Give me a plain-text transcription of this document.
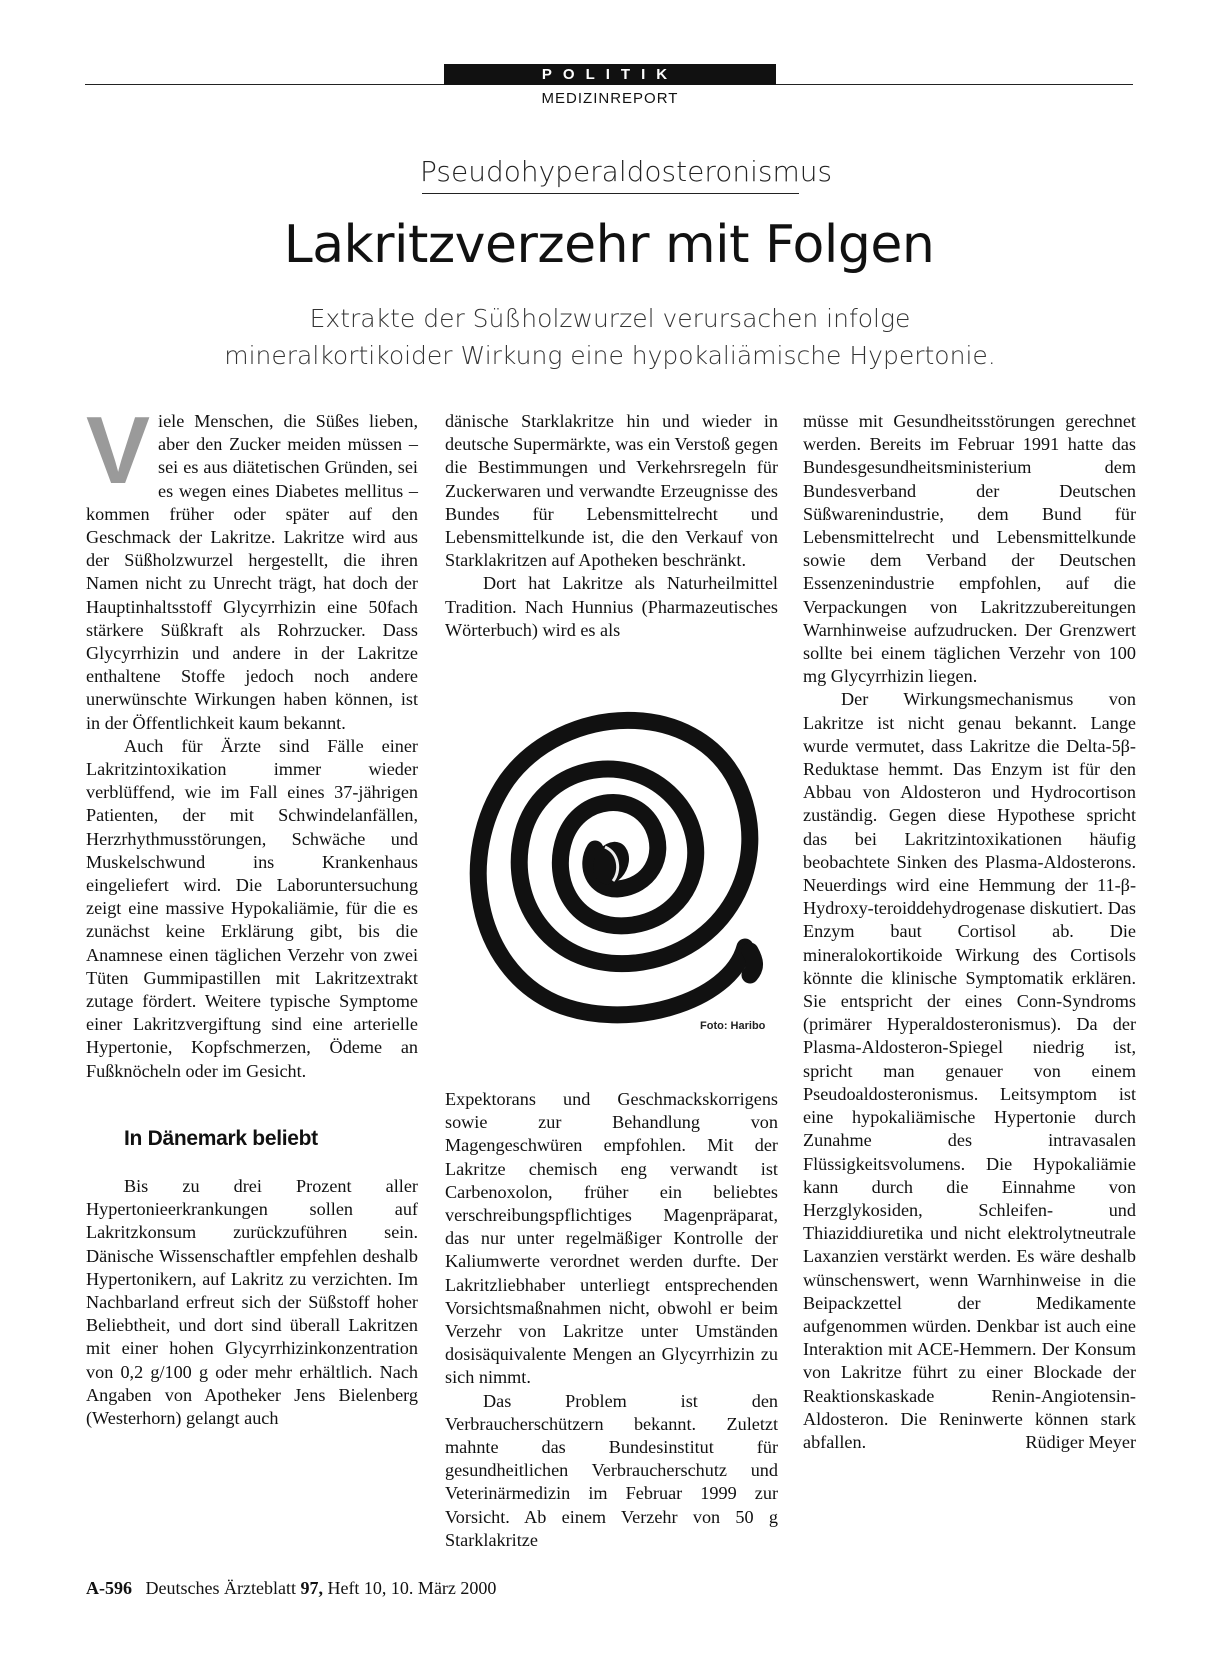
POLITIK
MEDIZINREPORT
Pseudohyperaldosteronismus
Lakritzverzehr mit Folgen
Extrakte der Süßholzwurzel verursachen infolge
mineralkortikoider Wirkung eine hypokaliämische Hypertonie.

Viele Menschen, die Süßes lieben, aber den Zucker meiden müssen – sei es aus diätetischen Gründen, sei es wegen eines Diabetes mellitus – kommen früher oder später auf den Geschmack der Lakritze. Lakritze wird aus der Süßholzwurzel hergestellt, die ihren Namen nicht zu Unrecht trägt, hat doch der Hauptinhaltsstoff Glycyrrhizin eine 50fach stärkere Süßkraft als Rohrzucker. Dass Glycyrrhizin und andere in der Lakritze enthaltene Stoffe jedoch noch andere unerwünschte Wirkungen haben können, ist in der Öffentlichkeit kaum bekannt.

Auch für Ärzte sind Fälle einer Lakritzintoxikation immer wieder verblüffend, wie im Fall eines 37-jährigen Patienten, der mit Schwindelanfällen, Herzrhythmusstörungen, Schwäche und Muskelschwund ins Krankenhaus eingeliefert wird. Die Laboruntersuchung zeigt eine massive Hypokaliämie, für die es zunächst keine Erklärung gibt, bis die Anamnese einen täglichen Verzehr von zwei Tüten Gummipastillen mit Lakritzextrakt zutage fördert. Weitere typische Symptome einer Lakritzvergiftung sind eine arterielle Hypertonie, Kopfschmerzen, Ödeme an Fußknöcheln oder im Gesicht.

In Dänemark beliebt

Bis zu drei Prozent aller Hypertonieerkrankungen sollen auf Lakritzkonsum zurückzuführen sein. Dänische Wissenschaftler empfehlen deshalb Hypertonikern, auf Lakritz zu verzichten. Im Nachbarland erfreut sich der Süßstoff hoher Beliebtheit, und dort sind überall Lakritzen mit einer hohen Glycyrrhizinkonzentration von 0,2 g/100 g oder mehr erhältlich. Nach Angaben von Apotheker Jens Bielenberg (Westerhorn) gelangt auch

dänische Starklakritze hin und wieder in deutsche Supermärkte, was ein Verstoß gegen die Bestimmungen und Verkehrsregeln für Zuckerwaren und verwandte Erzeugnisse des Bundes für Lebensmittelrecht und Lebensmittelkunde ist, die den Verkauf von Starklakritzen auf Apotheken beschränkt.

Dort hat Lakritze als Naturheilmittel Tradition. Nach Hunnius (Pharmazeutisches Wörterbuch) wird es als

Foto: Haribo

Expektorans und Geschmackskorrigens sowie zur Behandlung von Magengeschwüren empfohlen. Mit der Lakritze chemisch eng verwandt ist Carbenoxolon, früher ein beliebtes verschreibungspflichtiges Magenpräparat, das nur unter regelmäßiger Kontrolle der Kaliumwerte verordnet werden durfte. Der Lakritzliebhaber unterliegt entsprechenden Vorsichtsmaßnahmen nicht, obwohl er beim Verzehr von Lakritze unter Umständen dosisäquivalente Mengen an Glycyrrhizin zu sich nimmt.

Das Problem ist den Verbraucherschützern bekannt. Zuletzt mahnte das Bundesinstitut für gesundheitlichen Verbraucherschutz und Veterinärmedizin im Februar 1999 zur Vorsicht. Ab einem Verzehr von 50 g Starklakritze

müsse mit Gesundheitsstörungen gerechnet werden. Bereits im Februar 1991 hatte das Bundesgesundheitsministerium dem Bundesverband der Deutschen Süßwarenindustrie, dem Bund für Lebensmittelrecht und Lebensmittelkunde sowie dem Verband der Deutschen Essenzenindustrie empfohlen, auf die Verpackungen von Lakritzzubereitungen Warnhinweise aufzudrucken. Der Grenzwert sollte bei einem täglichen Verzehr von 100 mg Glycyrrhizin liegen.

Der Wirkungsmechanismus von Lakritze ist nicht genau bekannt. Lange wurde vermutet, dass Lakritze die Delta-5β-Reduktase hemmt. Das Enzym ist für den Abbau von Aldosteron und Hydrocortison zuständig. Gegen diese Hypothese spricht das bei Lakritzintoxikationen häufig beobachtete Sinken des Plasma-Aldosterons. Neuerdings wird eine Hemmung der 11-β-Hydroxy-teroiddehydrogenase diskutiert. Das Enzym baut Cortisol ab. Die mineralokortikoide Wirkung des Cortisols könnte die klinische Symptomatik erklären. Sie entspricht der eines Conn-Syndroms (primärer Hyperaldosteronismus). Da der Plasma-Aldosteron-Spiegel niedrig ist, spricht man genauer von einem Pseudoaldosteronismus. Leitsymptom ist eine hypokaliämische Hypertonie durch Zunahme des intravasalen Flüssigkeitsvolumens. Die Hypokaliämie kann durch die Einnahme von Herzglykosiden, Schleifen- und Thiaziddiuretika und nicht elektrolytneutrale Laxanzien verstärkt werden. Es wäre deshalb wünschenswert, wenn Warnhinweise in die Beipackzettel der Medikamente aufgenommen würden. Denkbar ist auch eine Interaktion mit ACE-Hemmern. Der Konsum von Lakritze führt zu einer Blockade der Reaktionskaskade Renin-Angiotensin-Aldosteron. Die Reninwerte können stark abfallen.	Rüdiger Meyer

A-596 Deutsches Ärzteblatt 97, Heft 10, 10. März 2000
